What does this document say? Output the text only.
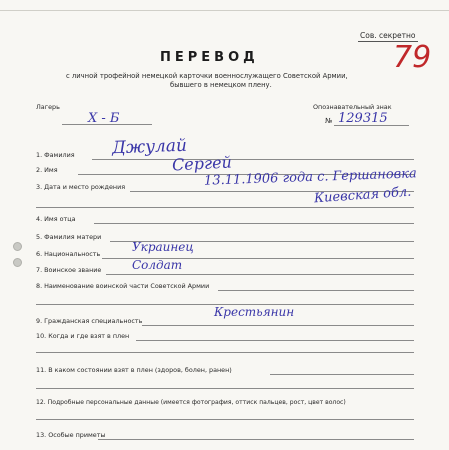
Сов. секретно
79
ПЕРЕВОД
с личной трофейной немецкой карточки военнослужащего Советской Армии,
бывшего в немецком плену.
Лагерь
Х - Б
Опознавательный знак
№ 129315
1. Фамилия Джулай
2. Имя	Сергей
3. Дата и место рождения	13.11.1906 года с. Гершановка
Киевская обл.
4. Имя отца
5. Фамилия матери
6. Национальность	Украинец
7. Воинское звание	Солдат
8. Наименование воинской части Советской Армии
9. Гражданская специальность
Крестьянин
10. Когда и где взят в плен
11. В каком состоянии взят в плен (здоров, болен, ранен)
12. Подробные персональные данные (имеется фотография, оттиск пальцев, рост, цвет волос)
13. Особые приметы
